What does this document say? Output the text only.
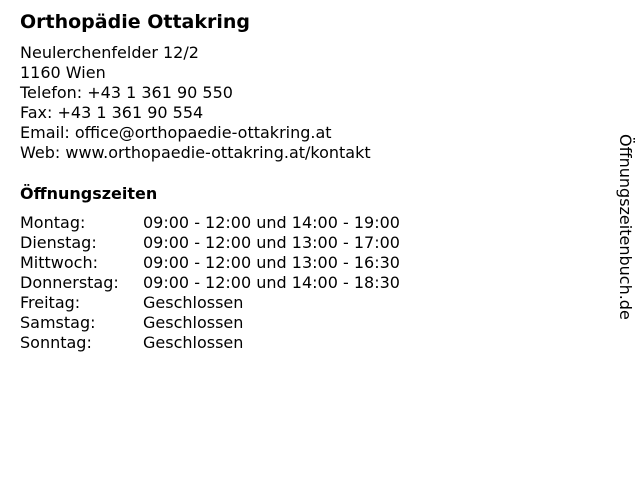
Orthopädie Ottakring
Neulerchenfelder 12/2
1160 Wien
Telefon: +43 1 361 90 550
Fax: +43 1 361 90 554
Email: office@orthopaedie-ottakring.at
Web: www.orthopaedie-ottakring.at/kontakt
Öffnungszeiten
Montag:	09:00 - 12:00 und 14:00 - 19:00
Dienstag:	09:00 - 12:00 und 13:00 - 17:00
Mittwoch:	09:00 - 12:00 und 13:00 - 16:30
Donnerstag: 09:00 - 12:00 und 14:00 - 18:30
Freitag:	Geschlossen
Samstag:	Geschlossen
Sonntag:	Geschlossen
Öffnungszeitenbuch.de
